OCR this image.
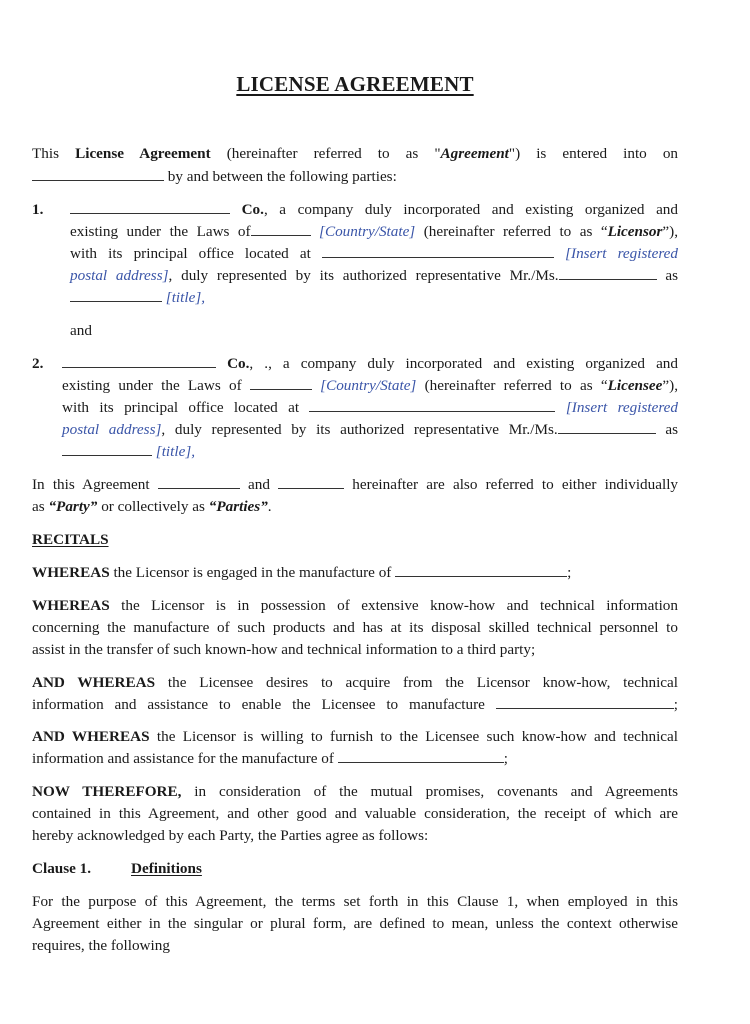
LICENSE AGREEMENT
This License Agreement (hereinafter referred to as "Agreement") is entered into on
by and between the following parties:
1.	Co., a company duly incorporated and existing organized and
existing under the Laws of	[Country/State] (hereinafter referred to as “Licensor”),
with its principal office located at	[Insert registered
postal address], duly represented by its authorized representative Mr./Ms.	as
[title],
and
2.	Co., ., a company duly incorporated and existing organized and
existing under the Laws of	[Country/State] (hereinafter referred to as “Licensee”),
with its principal office located at	[Insert registered
postal address], duly represented by its authorized representative Mr./Ms.	as
[title],
In this Agreement	and	hereinafter are also referred to either individually
as “Party” or collectively as “Parties”.
RECITALS
WHEREAS the Licensor is engaged in the manufacture of	;
WHEREAS the Licensor is in possession of extensive know-how and technical information
concerning the manufacture of such products and has at its disposal skilled technical personnel to
assist in the transfer of such known-how and technical information to a third party;
AND WHEREAS the Licensee desires to acquire from the Licensor know-how, technical
information and assistance to enable the Licensee to manufacture	;
AND WHEREAS the Licensor is willing to furnish to the Licensee such know-how and technical
information and assistance for the manufacture of	;
NOW THEREFORE, in consideration of the mutual promises, covenants and Agreements
contained in this Agreement, and other good and valuable consideration, the receipt of which are
hereby acknowledged by each Party, the Parties agree as follows:
Clause 1.	Definitions
For the purpose of this Agreement, the terms set forth in this Clause 1, when employed in this
Agreement either in the singular or plural form, are defined to mean, unless the context otherwise
requires, the following
